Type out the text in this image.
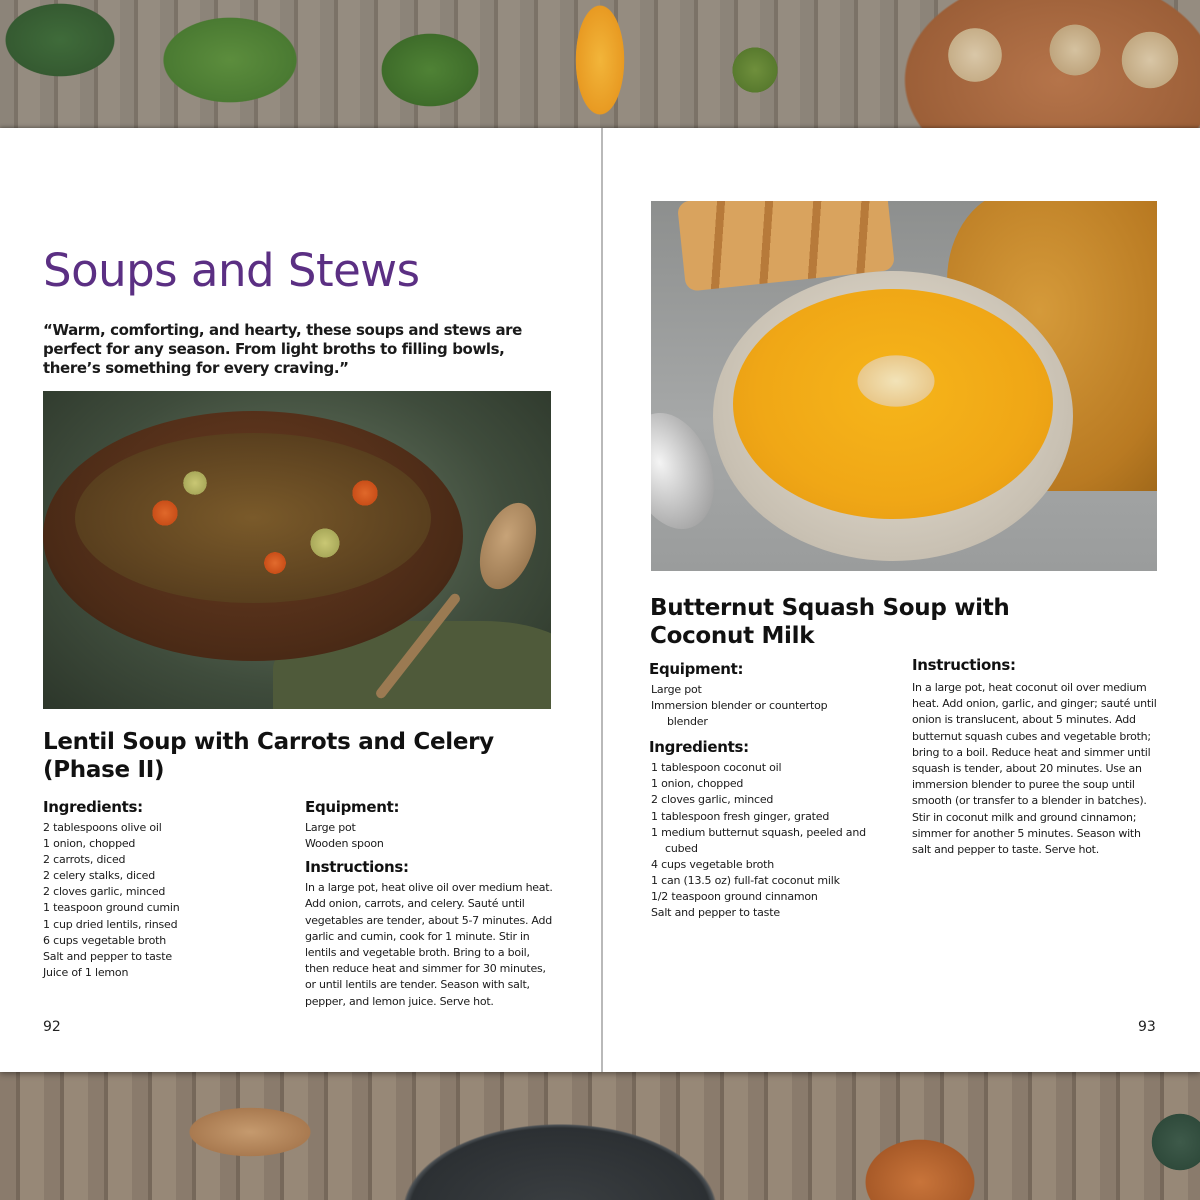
Soups and Stews

“Warm, comforting, and hearty, these soups and stews are perfect for any season. From light broths to filling bowls, there’s something for every craving.”

Lentil Soup with Carrots and Celery
(Phase II)
Ingredients:
2 tablespoons olive oil
1 onion, chopped
2 carrots, diced
2 celery stalks, diced
2 cloves garlic, minced
1 teaspoon ground cumin
1 cup dried lentils, rinsed
6 cups vegetable broth
Salt and pepper to taste
Juice of 1 lemon
Equipment:
Large pot
Wooden spoon
Instructions:

In a large pot, heat olive oil over medium heat. Add onion, carrots, and celery. Sauté until vegetables are tender, about 5-7 minutes. Add garlic and cumin, cook for 1 minute. Stir in lentils and vegetable broth. Bring to a boil, then reduce heat and simmer for 30 minutes, or until lentils are tender. Season with salt, pepper, and lemon juice. Serve hot.

92
Butternut Squash Soup with
Coconut Milk
Equipment:
Large pot
Immersion blender or countertop blender
Ingredients:
1 tablespoon coconut oil
1 onion, chopped
2 cloves garlic, minced
1 tablespoon fresh ginger, grated
1 medium butternut squash, peeled and cubed
4 cups vegetable broth
1 can (13.5 oz) full-fat coconut milk
1/2 teaspoon ground cinnamon
Salt and pepper to taste
Instructions:

In a large pot, heat coconut oil over medium heat. Add onion, garlic, and ginger; sauté until onion is translucent, about 5 minutes. Add butternut squash cubes and vegetable broth; bring to a boil. Reduce heat and simmer until squash is tender, about 20 minutes. Use an immersion blender to puree the soup until smooth (or transfer to a blender in batches). Stir in coconut milk and ground cinnamon; simmer for another 5 minutes. Season with salt and pepper to taste. Serve hot.

93
